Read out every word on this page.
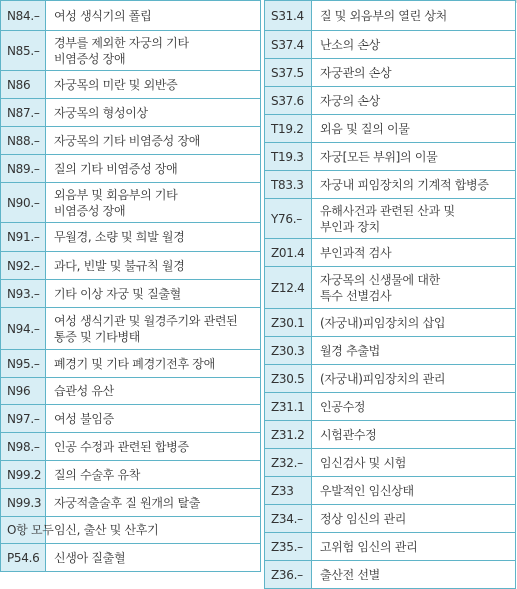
N84.–	여성 생식기의 폴립
N85.–	경부를 제외한 자궁의 기타
비염증성 장애
N86	자궁목의 미란 및 외반증
N87.–	자궁목의 형성이상
N88.–	자궁목의 기타 비염증성 장애
N89.–	질의 기타 비염증성 장애
N90.–	외음부 및 회음부의 기타
비염증성 장애
N91.–	무월경, 소량 및 희발 월경
N92.–	과다, 빈발 및 불규칙 월경
N93.–	기타 이상 자궁 및 질출혈
N94.–	여성 생식기관 및 월경주기와 관련된
통증 및 기타병태
N95.–	폐경기 및 기타 폐경기전후 장애
N96	습관성 유산
N97.–	여성 불임증
N98.–	인공 수정과 관련된 합병증
N99.2	질의 수술후 유착
N99.3	자궁적출술후 질 원개의 탈출
O항 모두	임신, 출산 및 산후기
P54.6	신생아 질출혈
S31.4	질 및 외음부의 열린 상처
S37.4	난소의 손상
S37.5	자궁관의 손상
S37.6	자궁의 손상
T19.2	외음 및 질의 이물
T19.3	자궁[모든 부위]의 이물
T83.3	자궁내 피임장치의 기계적 합병증
Y76.–	유해사건과 관련된 산과 및
부인과 장치
Z01.4	부인과적 검사
Z12.4	자궁목의 신생물에 대한
특수 선별검사
Z30.1	(자궁내)피임장치의 삽입
Z30.3	월경 추출법
Z30.5	(자궁내)피임장치의 관리
Z31.1	인공수정
Z31.2	시험관수정
Z32.–	임신검사 및 시험
Z33	우발적인 임신상태
Z34.–	정상 임신의 관리
Z35.–	고위험 임신의 관리
Z36.–	출산전 선별
